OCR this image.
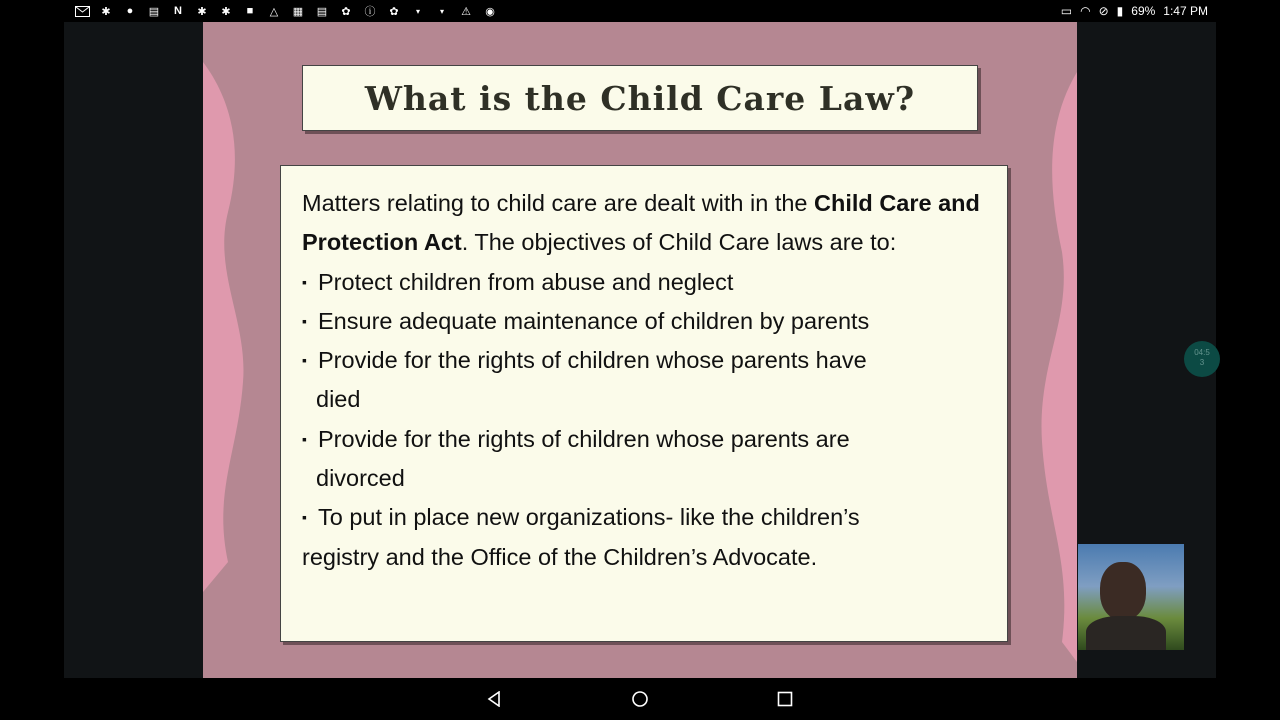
✱	●	▤	N	✱	✱	■	△	▦ ▤	✿	ⓘ	✿	▾	▾	⚠ ◉	▭ ◠ ⊘ ▮ 69% 1:47 PM
What is the Child Care Law?
Matters relating to child care are dealt with in the Child Care and Protection Act. The objectives of Child Care laws are to:
▪ Protect children from abuse and neglect
▪ Ensure adequate maintenance of children by parents
▪ Provide for the rights of children whose parents have
died
▪ Provide for the rights of children whose parents are
divorced
▪ To put in place new organizations- like the children’s
registry and the Office of the Children’s Advocate.
04:5
3
